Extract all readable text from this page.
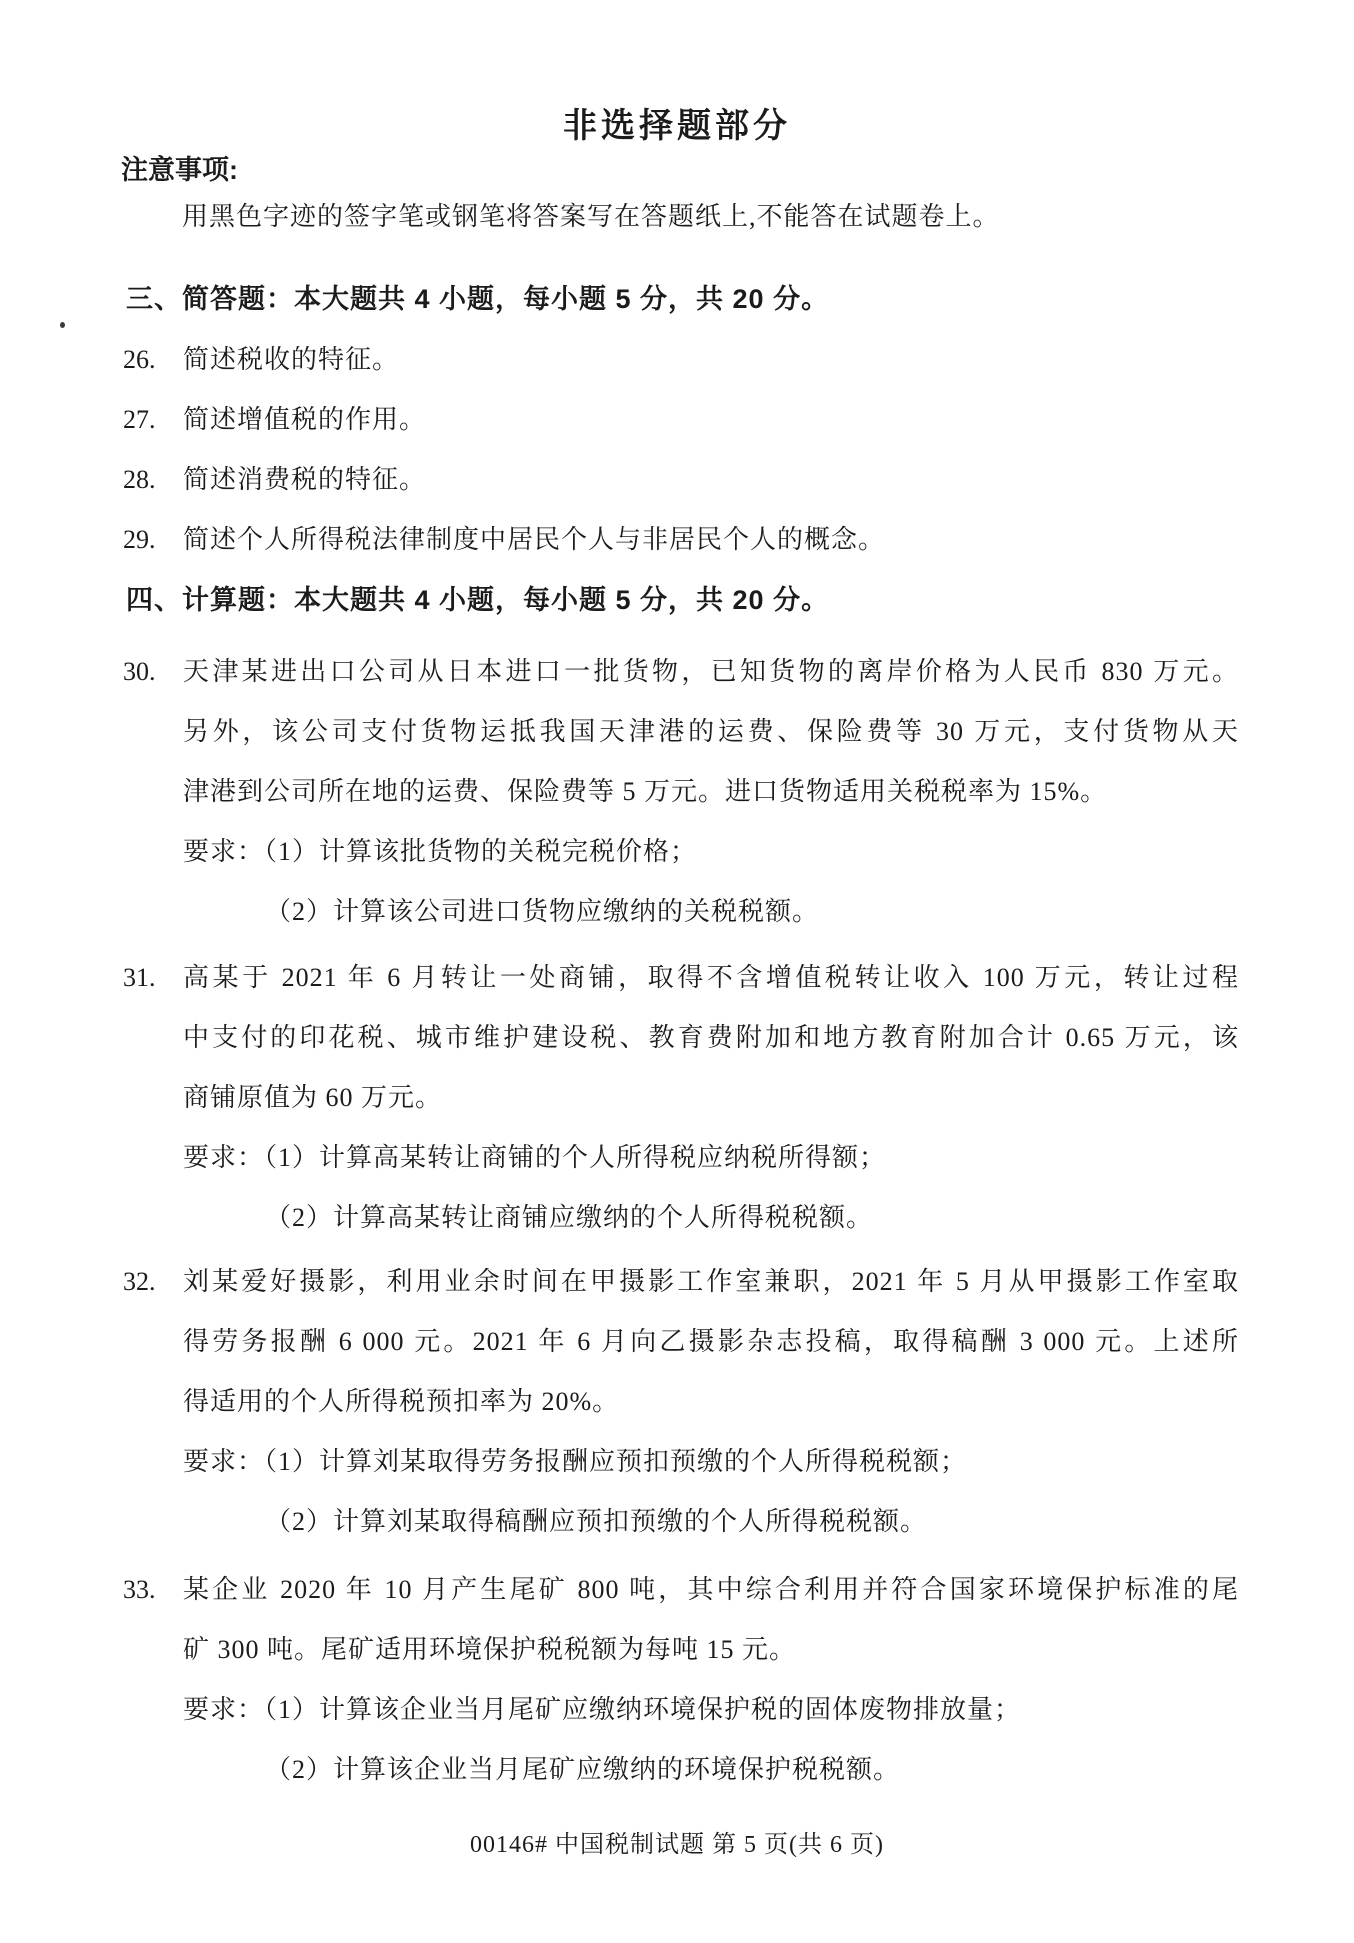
非选择题部分
注意事项:
用黑色字迹的签字笔或钢笔将答案写在答题纸上,不能答在试题卷上。
三、简答题：本大题共 4 小题，每小题 5 分，共 20 分。
26.	简述税收的特征。
27.	简述增值税的作用。
28.	简述消费税的特征。
29.	简述个人所得税法律制度中居民个人与非居民个人的概念。
四、计算题：本大题共 4 小题，每小题 5 分，共 20 分。
30.	天津某进出口公司从日本进口一批货物，已知货物的离岸价格为人民币 830 万元。
另外，该公司支付货物运抵我国天津港的运费、保险费等 30 万元，支付货物从天
津港到公司所在地的运费、保险费等 5 万元。进口货物适用关税税率为 15%。
要求：（1）计算该批货物的关税完税价格；
（2）计算该公司进口货物应缴纳的关税税额。
31.	高某于 2021 年 6 月转让一处商铺，取得不含增值税转让收入 100 万元，转让过程
中支付的印花税、城市维护建设税、教育费附加和地方教育附加合计 0.65 万元，该
商铺原值为 60 万元。
要求：（1）计算高某转让商铺的个人所得税应纳税所得额；
（2）计算高某转让商铺应缴纳的个人所得税税额。
32.	刘某爱好摄影，利用业余时间在甲摄影工作室兼职，2021 年 5 月从甲摄影工作室取
得劳务报酬 6 000 元。2021 年 6 月向乙摄影杂志投稿，取得稿酬 3 000 元。上述所
得适用的个人所得税预扣率为 20%。
要求：（1）计算刘某取得劳务报酬应预扣预缴的个人所得税税额；
（2）计算刘某取得稿酬应预扣预缴的个人所得税税额。
33.	某企业 2020 年 10 月产生尾矿 800 吨，其中综合利用并符合国家环境保护标准的尾
矿 300 吨。尾矿适用环境保护税税额为每吨 15 元。
要求：（1）计算该企业当月尾矿应缴纳环境保护税的固体废物排放量；
（2）计算该企业当月尾矿应缴纳的环境保护税税额。
00146# 中国税制试题 第 5 页(共 6 页)
